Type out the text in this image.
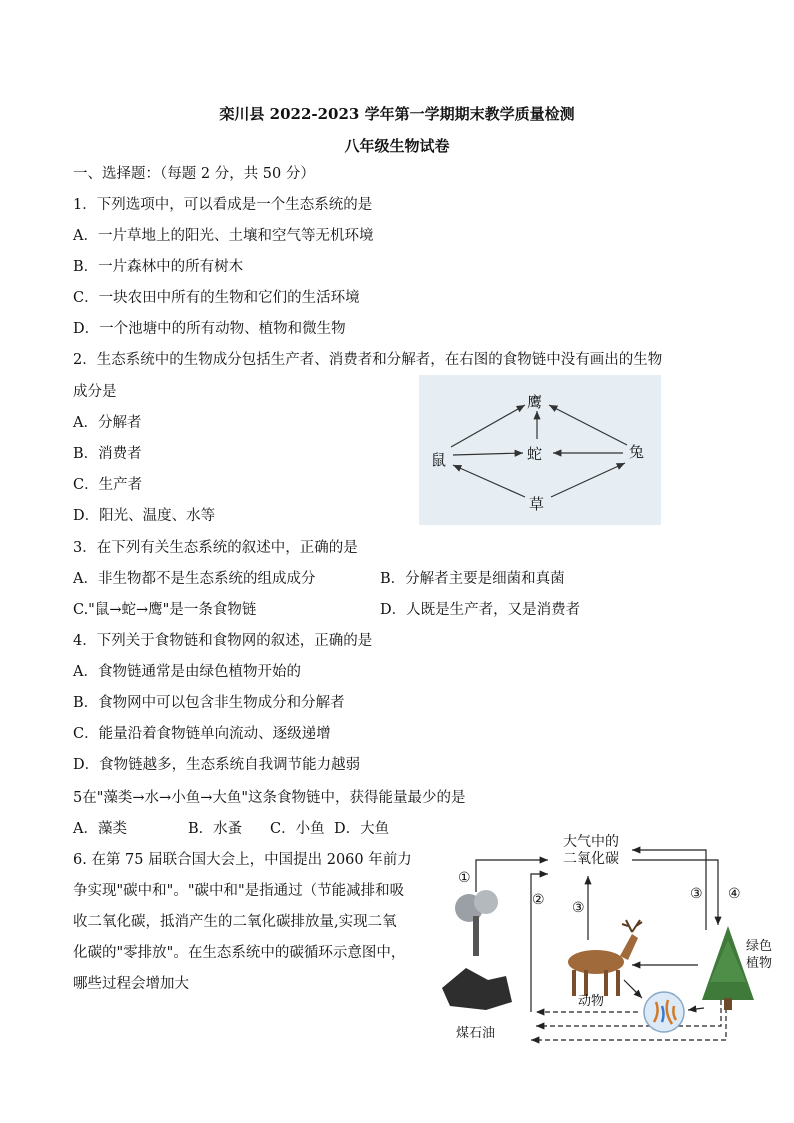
栾川县 2022-2023 学年第一学期期末教学质量检测
八年级生物试卷
一、选择题：（每题 2 分，共 50 分）
1．下列选项中，可以看成是一个生态系统的是
A．一片草地上的阳光、土壤和空气等无机环境
B．一片森林中的所有树木
C．一块农田中所有的生物和它们的生活环境
D．一个池塘中的所有动物、植物和微生物
2．生态系统中的生物成分包括生产者、消费者和分解者，在右图的食物链中没有画出的生物
成分是
A．分解者
B．消费者
C．生产者
D．阳光、温度、水等
鹰
蛇
鼠	兔
草
3．在下列有关生态系统的叙述中，正确的是
A．非生物都不是生态系统的组成成分	B．分解者主要是细菌和真菌
C."鼠→蛇→鹰"是一条食物链	D．人既是生产者，又是消费者
4．下列关于食物链和食物网的叙述，正确的是
A．食物链通常是由绿色植物开始的
B．食物网中可以包含非生物成分和分解者
C．能量沿着食物链单向流动、逐级递增
D．食物链越多，生态系统自我调节能力越弱
5在"藻类→水→小鱼→大鱼"这条食物链中，获得能量最少的是
A．藻类	B．水蚤 C．小鱼 D．大鱼
6. 在第 75 届联合国大会上，中国提出 2060 年前力
争实现"碳中和"。"碳中和"是指通过（节能减排和吸
收二氧化碳，抵消产生的二氧化碳排放量,实现二氧
化碳的"零排放"。在生态系统中的碳循环示意图中，
哪些过程会增加大
大气中的
二氧化碳
绿色
植物
动物
煤石油
①
② ③
③ ④
